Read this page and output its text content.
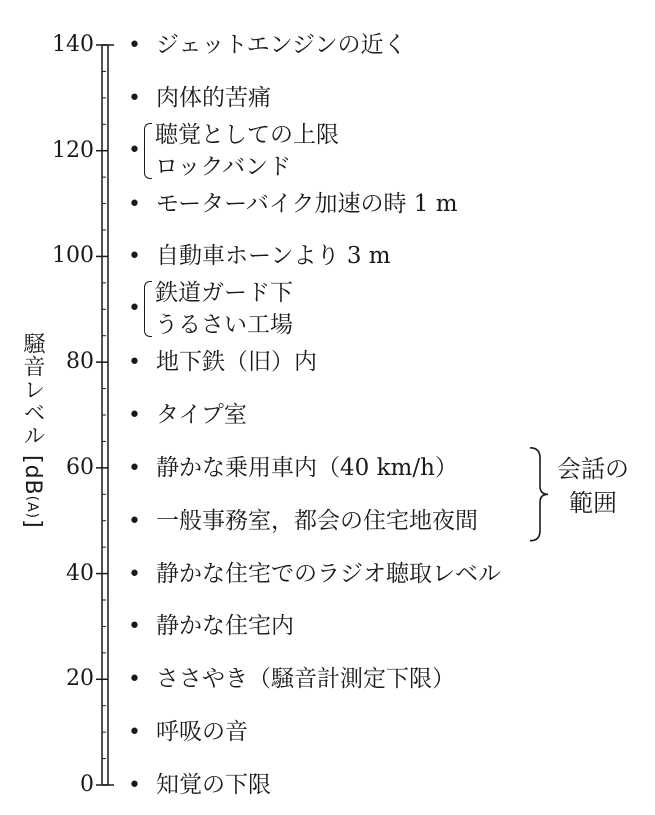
騒音レベル [dB(A)]
140
120
100
80
60
40
20
0
• ジェットエンジンの近く
• 肉体的苦痛
•
聴覚としての上限
ロックバンド
• モーターバイク加速の時 1 m
• 自動車ホーンより 3 m
•
鉄道ガード下
うるさい工場
• 地下鉄（旧）内
• タイプ室
• 静かな乗用車内（40 km/h）
• 一般事務室，都会の住宅地夜間
• 静かな住宅でのラジオ聴取レベル
• 静かな住宅内
• ささやき（騒音計測定下限）
• 呼吸の音
• 知覚の下限
会話の
範囲
